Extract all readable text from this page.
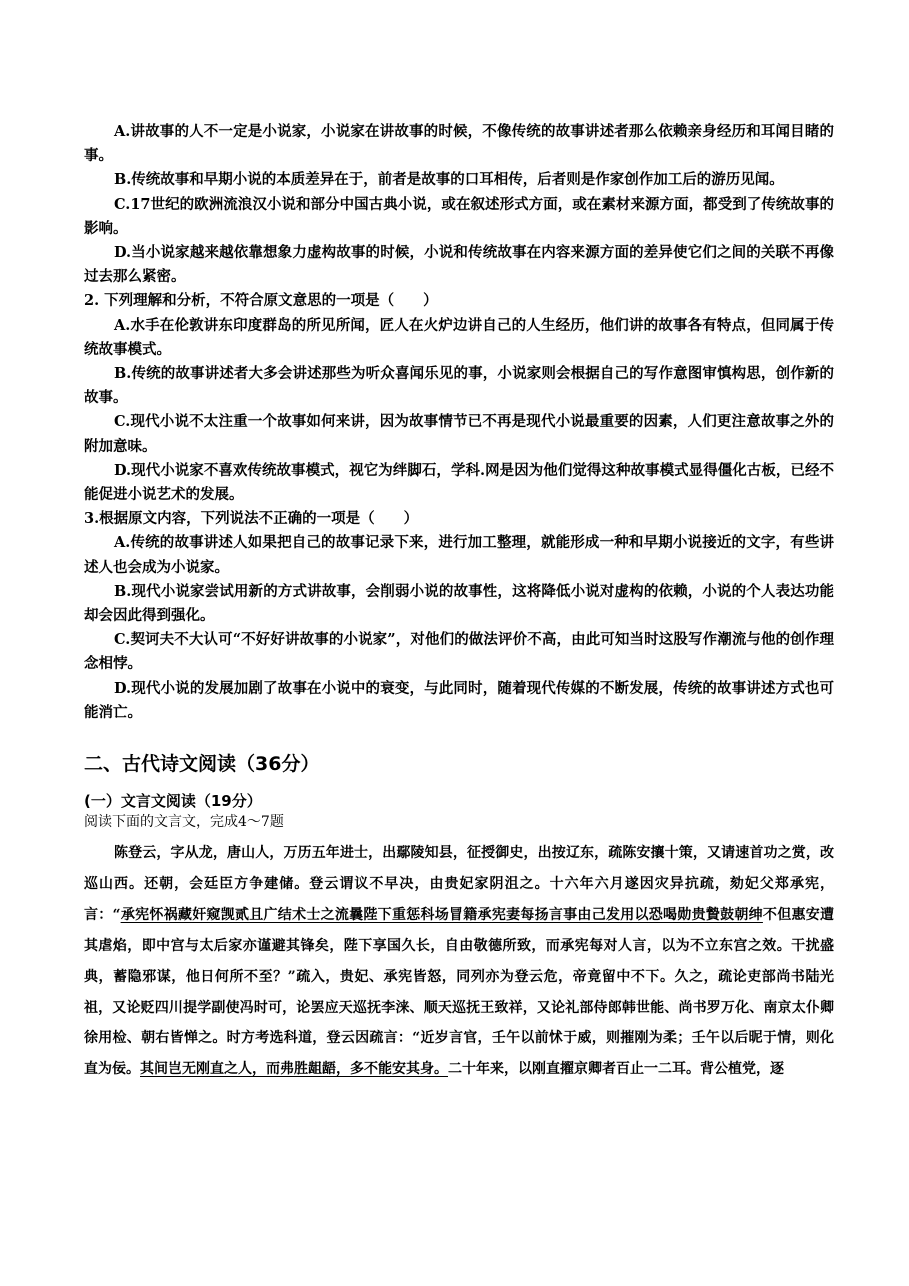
A.讲故事的人不一定是小说家，小说家在讲故事的时候，不像传统的故事讲述者那么依赖亲身经历和耳闻目睹的事。

B.传统故事和早期小说的本质差异在于，前者是故事的口耳相传，后者则是作家创作加工后的游历见闻。

C.17世纪的欧洲流浪汉小说和部分中国古典小说，或在叙述形式方面，或在素材来源方面，都受到了传统故事的影响。

D.当小说家越来越依靠想象力虚构故事的时候，小说和传统故事在内容来源方面的差异使它们之间的关联不再像过去那么紧密。

2. 下列理解和分析，不符合原文意思的一项是（　　）

A.水手在伦敦讲东印度群岛的所见所闻，匠人在火炉边讲自己的人生经历，他们讲的故事各有特点，但同属于传统故事模式。

B.传统的故事讲述者大多会讲述那些为听众喜闻乐见的事，小说家则会根据自己的写作意图审慎构思，创作新的故事。

C.现代小说不太注重一个故事如何来讲，因为故事情节已不再是现代小说最重要的因素，人们更注意故事之外的附加意味。

D.现代小说家不喜欢传统故事模式，视它为绊脚石，学科.网是因为他们觉得这种故事模式显得僵化古板，已经不能促进小说艺术的发展。

3.根据原文内容，下列说法不正确的一项是（　　）

A.传统的故事讲述人如果把自己的故事记录下来，进行加工整理，就能形成一种和早期小说接近的文字，有些讲述人也会成为小说家。

B.现代小说家尝试用新的方式讲故事，会削弱小说的故事性，这将降低小说对虚构的依赖，小说的个人表达功能却会因此得到强化。

C.契诃夫不大认可“不好好讲故事的小说家”，对他们的做法评价不高，由此可知当时这股写作潮流与他的创作理念相悖。

D.现代小说的发展加剧了故事在小说中的衰变，与此同时，随着现代传媒的不断发展，传统的故事讲述方式也可能消亡。

二、古代诗文阅读（36分）
(一）文言文阅读（19分）

阅读下面的文言文，完成4～7题

陈登云，字从龙，唐山人，万历五年进士，出鄢陵知县，征授御史，出按辽东，疏陈安攘十策，又请速首功之赏，改巡山西。还朝，会廷臣方争建储。登云谓议不早决，由贵妃家阴沮之。十六年六月遂因灾异抗疏，劾妃父郑承宪，言：“承宪怀祸藏奸窥觊贰且广结术士之流曩陛下重惩科场冒籍承宪妻每扬言事由己发用以恐喝勋贵贄鼓朝绅不但惠安遭其虐焰，即中宫与太后家亦谨避其锋矣，陛下享国久长，自由敬德所致，而承宪每对人言，以为不立东宫之效。干扰盛典，蓄隐邪谋，他日何所不至？”疏入，贵妃、承宪皆怒，同列亦为登云危，帝竟留中不下。久之，疏论吏部尚书陆光祖，又论贬四川提学副使冯时可，论罢应天巡抚李涞、顺天巡抚王致祥，又论礼部侍郎韩世能、尚书罗万化、南京太仆卿徐用检、朝右皆惮之。时方考选科道，登云因疏言：“近岁言官，壬午以前怵于威，则摧刚为柔；壬午以后昵于情，则化直为佞。其间岂无刚直之人，而弗胜龃龉，多不能安其身。二十年来，以刚直擢京卿者百止一二耳。背公植党，逐
